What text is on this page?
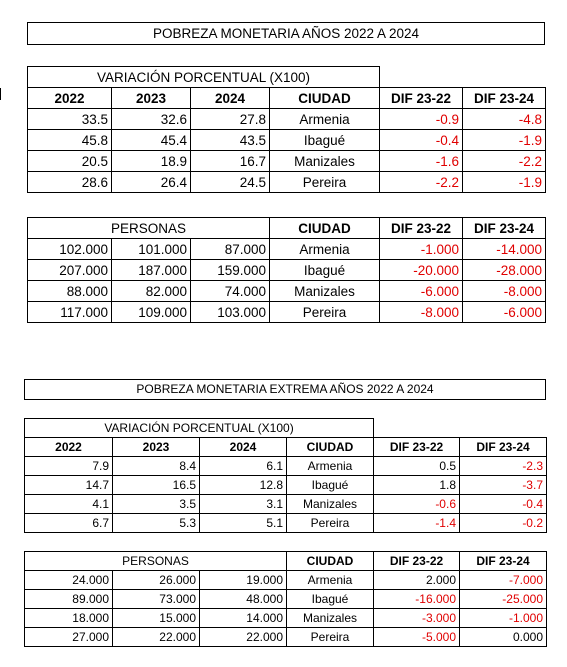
POBREZA MONETARIA AÑOS 2022 A 2024
VARIACIÓN PORCENTUAL (X100)					
2022	2023	2024	CIUDAD	DIF 23-22	DIF 23-24
33.5	32.6	27.8	Armenia	-0.9	-4.8
45.8	45.4	43.5	Ibagué	-0.4	-1.9
20.5	18.9	16.7	Manizales	-1.6	-2.2
28.6	26.4	24.5	Pereira	-2.2	-1.9
PERSONAS			CIUDAD	DIF 23-22	DIF 23-24
102.000	101.000	87.000	Armenia	-1.000	-14.000
207.000	187.000	159.000	Ibagué	-20.000	-28.000
88.000	82.000	74.000	Manizales	-6.000	-8.000
117.000	109.000	103.000	Pereira	-8.000	-6.000
POBREZA MONETARIA EXTREMA AÑOS 2022 A 2024
VARIACIÓN PORCENTUAL (X100)					
2022	2023	2024	CIUDAD	DIF 23-22	DIF 23-24
7.9	8.4	6.1	Armenia	0.5	-2.3
14.7	16.5	12.8	Ibagué	1.8	-3.7
4.1	3.5	3.1	Manizales	-0.6	-0.4
6.7	5.3	5.1	Pereira	-1.4	-0.2
PERSONAS			CIUDAD	DIF 23-22	DIF 23-24
24.000	26.000	19.000	Armenia	2.000	-7.000
89.000	73.000	48.000	Ibagué	-16.000	-25.000
18.000	15.000	14.000	Manizales	-3.000	-1.000
27.000	22.000	22.000	Pereira	-5.000	0.000
